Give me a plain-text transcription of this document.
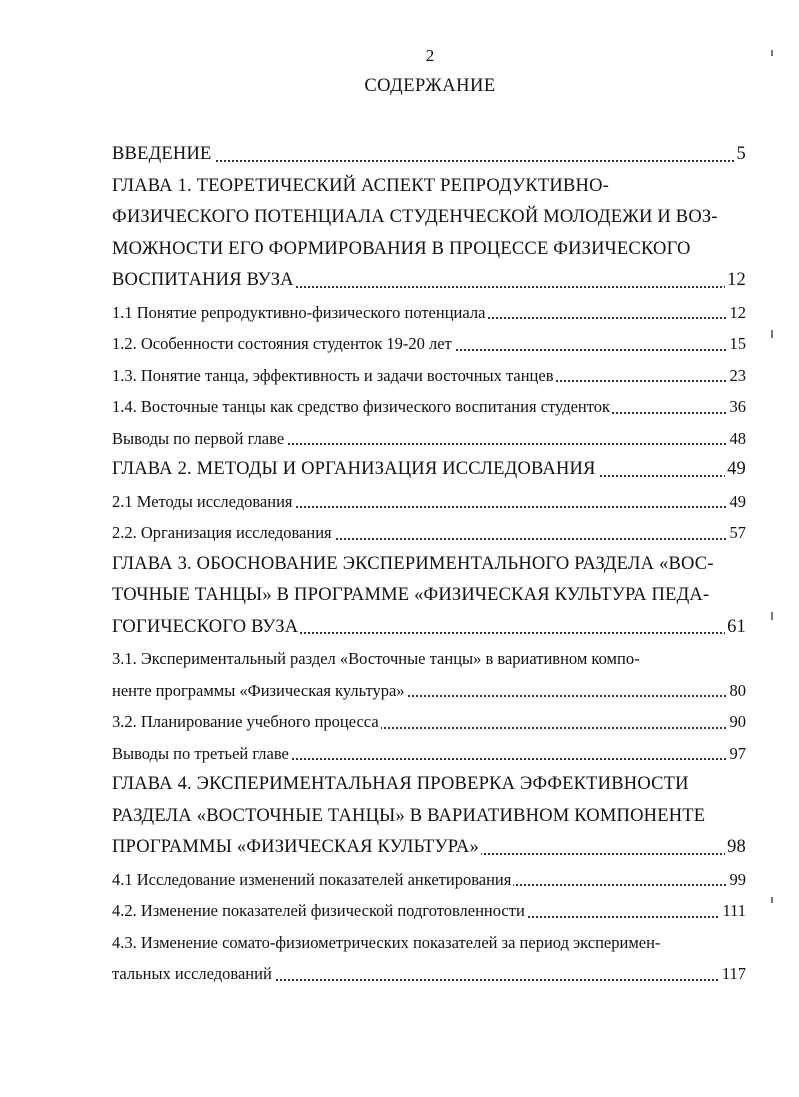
2
СОДЕРЖАНИЕ
ВВЕДЕНИЕ	5
ГЛАВА 1. ТЕОРЕТИЧЕСКИЙ АСПЕКТ РЕПРОДУКТИВНО-
ФИЗИЧЕСКОГО ПОТЕНЦИАЛА СТУДЕНЧЕСКОЙ МОЛОДЕЖИ И ВОЗ-
МОЖНОСТИ ЕГО ФОРМИРОВАНИЯ В ПРОЦЕССЕ ФИЗИЧЕСКОГО
ВОСПИТАНИЯ ВУЗА	12
1.1 Понятие репродуктивно-физического потенциала	12
1.2. Особенности состояния студенток 19-20 лет	15
1.3. Понятие танца, эффективность и задачи восточных танцев	23
1.4. Восточные танцы как средство физического воспитания студенток	36
Выводы по первой главе	48
ГЛАВА 2. МЕТОДЫ И ОРГАНИЗАЦИЯ ИССЛЕДОВАНИЯ	49
2.1 Методы исследования	49
2.2. Организация исследования	57
ГЛАВА 3. ОБОСНОВАНИЕ ЭКСПЕРИМЕНТАЛЬНОГО РАЗДЕЛА «ВОС-
ТОЧНЫЕ ТАНЦЫ» В ПРОГРАММЕ «ФИЗИЧЕСКАЯ КУЛЬТУРА ПЕДА-
ГОГИЧЕСКОГО ВУЗА	61
3.1. Экспериментальный раздел «Восточные танцы» в вариативном компо-
ненте программы «Физическая культура»	80
3.2. Планирование учебного процесса	90
Выводы по третьей главе	97
ГЛАВА 4. ЭКСПЕРИМЕНТАЛЬНАЯ ПРОВЕРКА ЭФФЕКТИВНОСТИ
РАЗДЕЛА «ВОСТОЧНЫЕ ТАНЦЫ» В ВАРИАТИВНОМ КОМПОНЕНТЕ
ПРОГРАММЫ «ФИЗИЧЕСКАЯ КУЛЬТУРА»	98
4.1 Исследование изменений показателей анкетирования	99
4.2. Изменение показателей физической подготовленности	111
4.3. Изменение сомато-физиометрических показателей за период эксперимен-
тальных исследований	117
